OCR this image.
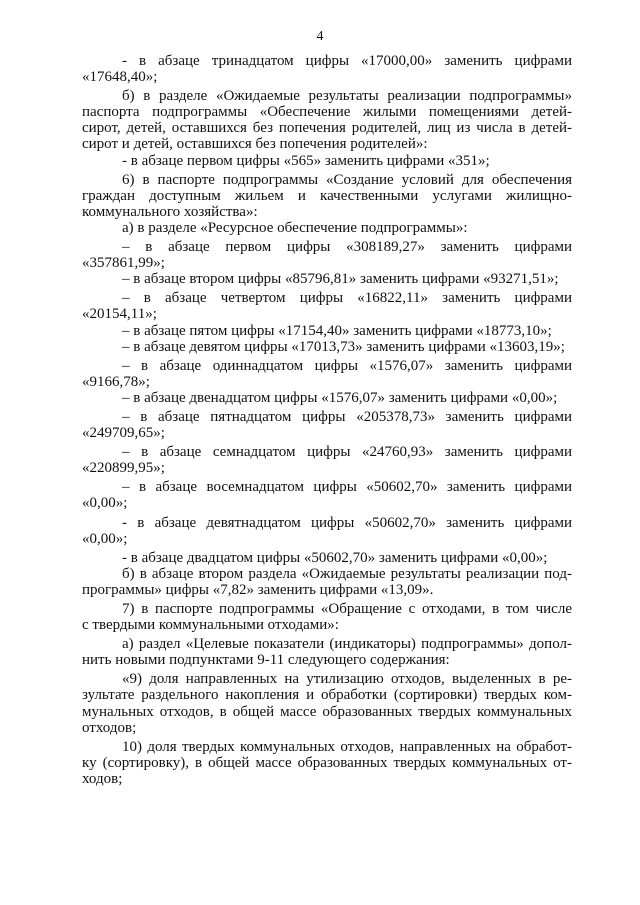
4
- в абзаце тринадцатом цифры «17000,00» заменить цифрами
«17648,40»;
б) в разделе «Ожидаемые результаты реализации подпрограммы»
паспорта подпрограммы «Обеспечение жилыми помещениями детей-
сирот, детей, оставшихся без попечения родителей, лиц из числа в детей-
сирот и детей, оставшихся без попечения родителей»:
- в абзаце первом цифры «565» заменить цифрами «351»;
6) в паспорте подпрограммы «Создание условий для обеспечения
граждан доступным жильем и качественными услугами жилищно-
коммунального хозяйства»:
а) в разделе «Ресурсное обеспечение подпрограммы»:
– в абзаце первом цифры «308189,27» заменить цифрами
«357861,99»;
– в абзаце втором цифры «85796,81» заменить цифрами «93271,51»;
– в абзаце четвертом цифры «16822,11» заменить цифрами
«20154,11»;
– в абзаце пятом цифры «17154,40» заменить цифрами «18773,10»;
– в абзаце девятом цифры «17013,73» заменить цифрами «13603,19»;
– в абзаце одиннадцатом цифры «1576,07» заменить цифрами
«9166,78»;
– в абзаце двенадцатом цифры «1576,07» заменить цифрами «0,00»;
– в абзаце пятнадцатом цифры «205378,73» заменить цифрами
«249709,65»;
– в абзаце семнадцатом цифры «24760,93» заменить цифрами
«220899,95»;
– в абзаце восемнадцатом цифры «50602,70» заменить цифрами
«0,00»;
- в абзаце девятнадцатом цифры «50602,70» заменить цифрами
«0,00»;
- в абзаце двадцатом цифры «50602,70» заменить цифрами «0,00»;
б) в абзаце втором раздела «Ожидаемые результаты реализации под-
программы» цифры «7,82» заменить цифрами «13,09».
7) в паспорте подпрограммы «Обращение с отходами, в том числе
с твердыми коммунальными отходами»:
а) раздел «Целевые показатели (индикаторы) подпрограммы» допол-
нить новыми подпунктами 9-11 следующего содержания:
«9) доля направленных на утилизацию отходов, выделенных в ре-
зультате раздельного накопления и обработки (сортировки) твердых ком-
мунальных отходов, в общей массе образованных твердых коммунальных
отходов;
10) доля твердых коммунальных отходов, направленных на обработ-
ку (сортировку), в общей массе образованных твердых коммунальных от-
ходов;
